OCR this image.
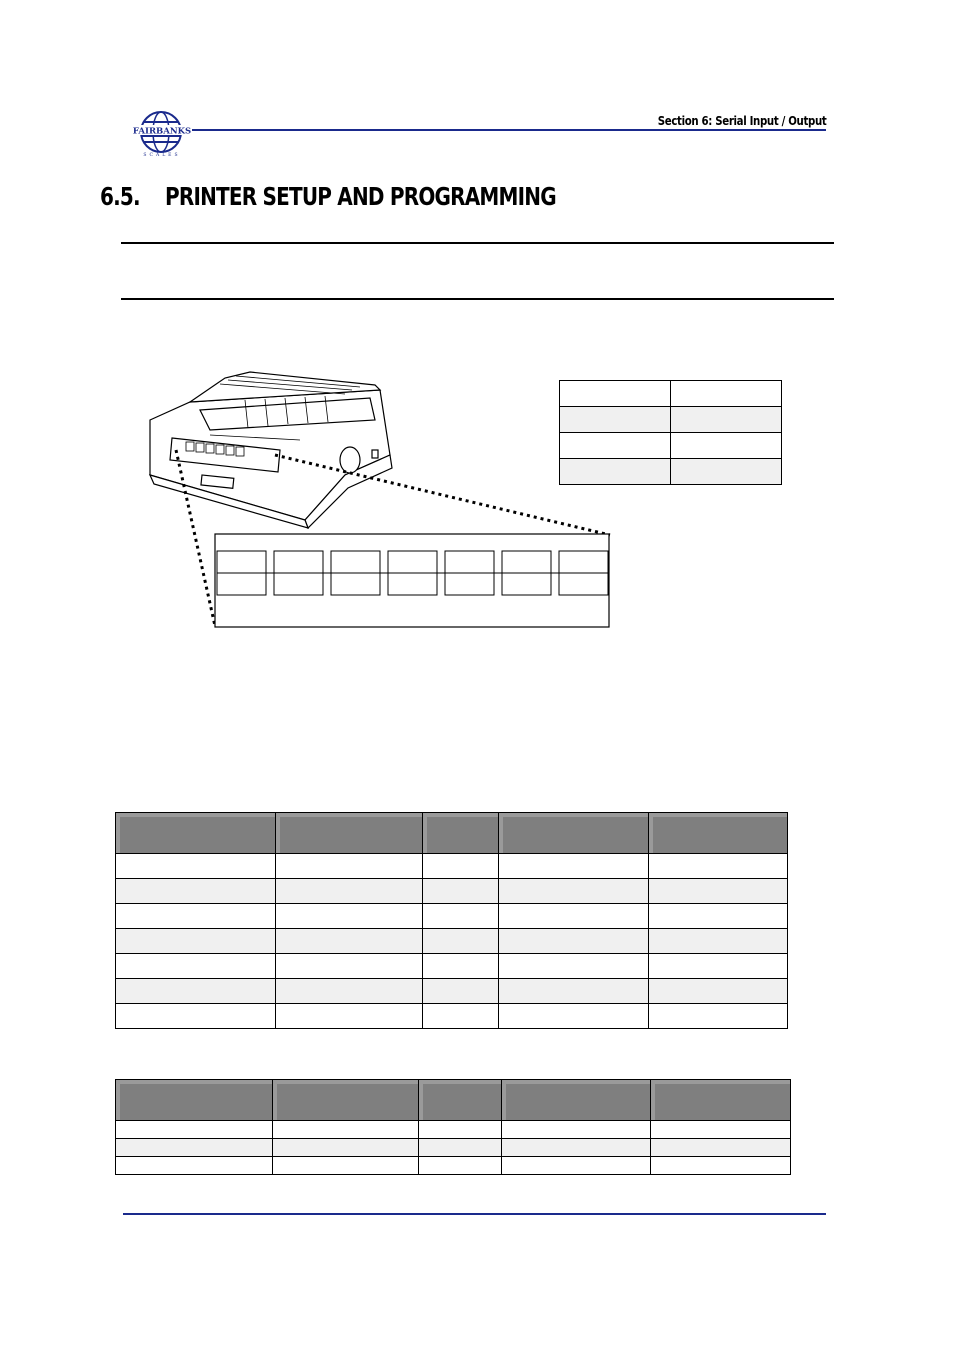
FAIRBANKS
SCALES
Section 6: Serial Input / Output
6.5. PRINTER SETUP AND PROGRAMMING
